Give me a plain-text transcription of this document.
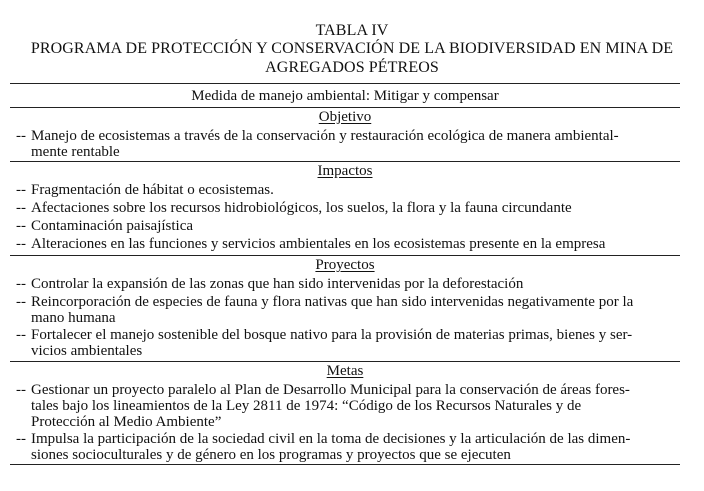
TABLA IV
PROGRAMA DE PROTECCIÓN Y CONSERVACIÓN DE LA BIODIVERSIDAD EN MINA DE
AGREGADOS PÉTREOS
Medida de manejo ambiental: Mitigar y compensar
Objetivo
-- Manejo de ecosistemas a través de la conservación y restauración ecológica de manera ambiental-
mente rentable
Impactos
-- Fragmentación de hábitat o ecosistemas.
-- Afectaciones sobre los recursos hidrobiológicos, los suelos, la flora y la fauna circundante
-- Contaminación paisajística
-- Alteraciones en las funciones y servicios ambientales en los ecosistemas presente en la empresa
Proyectos
-- Controlar la expansión de las zonas que han sido intervenidas por la deforestación
-- Reincorporación de especies de fauna y flora nativas que han sido intervenidas negativamente por la
mano humana
-- Fortalecer el manejo sostenible del bosque nativo para la provisión de materias primas, bienes y ser-
vicios ambientales
Metas
-- Gestionar un proyecto paralelo al Plan de Desarrollo Municipal para la conservación de áreas fores-
tales bajo los lineamientos de la Ley 2811 de 1974: “Código de los Recursos Naturales y de
Protección al Medio Ambiente”
-- Impulsa la participación de la sociedad civil en la toma de decisiones y la articulación de las dimen-
siones socioculturales y de género en los programas y proyectos que se ejecuten
